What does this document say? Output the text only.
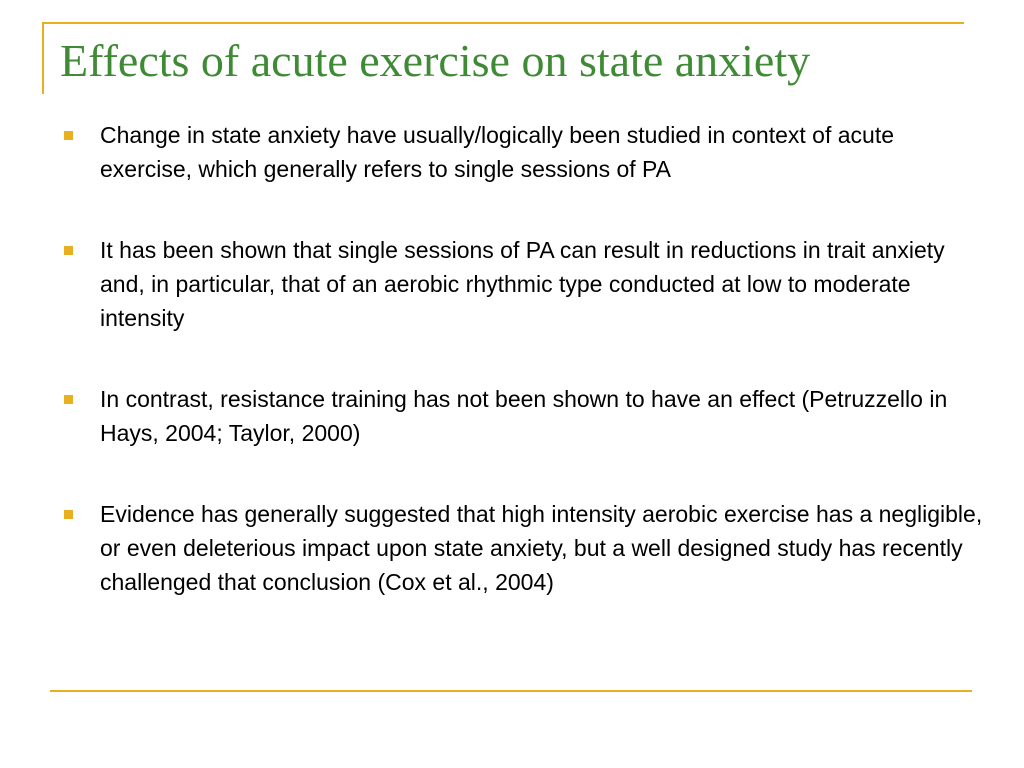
Effects of acute exercise on state anxiety
Change in state anxiety have usually/logically been studied in context of acute exercise, which generally refers to single sessions of PA
It has been shown that single sessions of PA can result in reductions in trait anxiety and, in particular, that of an aerobic rhythmic type conducted at low to moderate intensity
In contrast, resistance training has not been shown to have an effect (Petruzzello in Hays, 2004; Taylor, 2000)
Evidence has generally suggested that high intensity aerobic exercise has a negligible, or even deleterious impact upon state anxiety, but a well designed study has recently challenged that conclusion (Cox et al., 2004)
